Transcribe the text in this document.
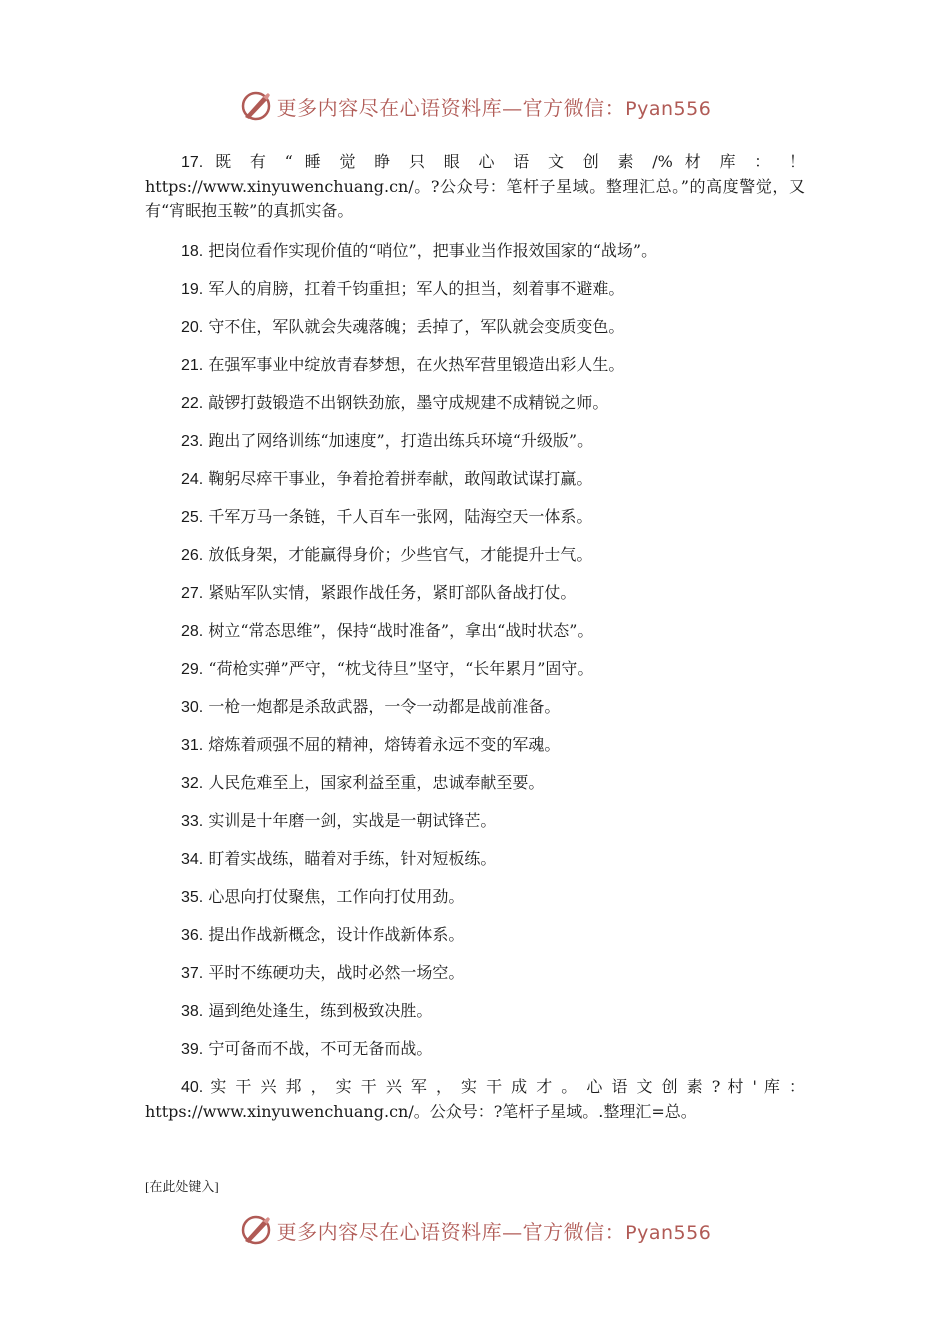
更多内容尽在心语资料库—官方微信：Pyan556
17. 既 有 “ 睡 觉 睁 只 眼 心 语 文 创 素 /% 材 库 ： ！ https://www.xinyuwenchuang.cn/。?公众号：笔杆子星域。整理汇总。”的高度警觉，又有“宵眠抱玉鞍”的真抓实备。
18. 把岗位看作实现价值的“哨位”，把事业当作报效国家的“战场”。
19. 军人的肩膀，扛着千钧重担；军人的担当，刻着事不避难。
20. 守不住，军队就会失魂落魄；丢掉了，军队就会变质变色。
21. 在强军事业中绽放青春梦想，在火热军营里锻造出彩人生。
22. 敲锣打鼓锻造不出钢铁劲旅，墨守成规建不成精锐之师。
23. 跑出了网络训练“加速度”，打造出练兵环境“升级版”。
24. 鞠躬尽瘁干事业，争着抢着拼奉献，敢闯敢试谋打赢。
25. 千军万马一条链，千人百车一张网，陆海空天一体系。
26. 放低身架，才能赢得身价；少些官气，才能提升士气。
27. 紧贴军队实情，紧跟作战任务，紧盯部队备战打仗。
28. 树立“常态思维”，保持“战时准备”，拿出“战时状态”。
29. “荷枪实弹”严守，“枕戈待旦”坚守，“长年累月”固守。
30. 一枪一炮都是杀敌武器，一令一动都是战前准备。
31. 熔炼着顽强不屈的精神，熔铸着永远不变的军魂。
32. 人民危难至上，国家利益至重，忠诚奉献至要。
33. 实训是十年磨一剑，实战是一朝试锋芒。
34. 盯着实战练，瞄着对手练，针对短板练。
35. 心思向打仗聚焦，工作向打仗用劲。
36. 提出作战新概念，设计作战新体系。
37. 平时不练硬功夫，战时必然一场空。
38. 逼到绝处逢生，练到极致决胜。
39. 宁可备而不战，不可无备而战。
40. 实 干 兴 邦 ， 实 干 兴 军 ， 实 干 成 才 。 心 语 文 创 素 ? 村 ' 库 ： https://www.xinyuwenchuang.cn/。公众号：?笔杆子星域。.整理汇=总。
[在此处键入]
更多内容尽在心语资料库—官方微信：Pyan556
